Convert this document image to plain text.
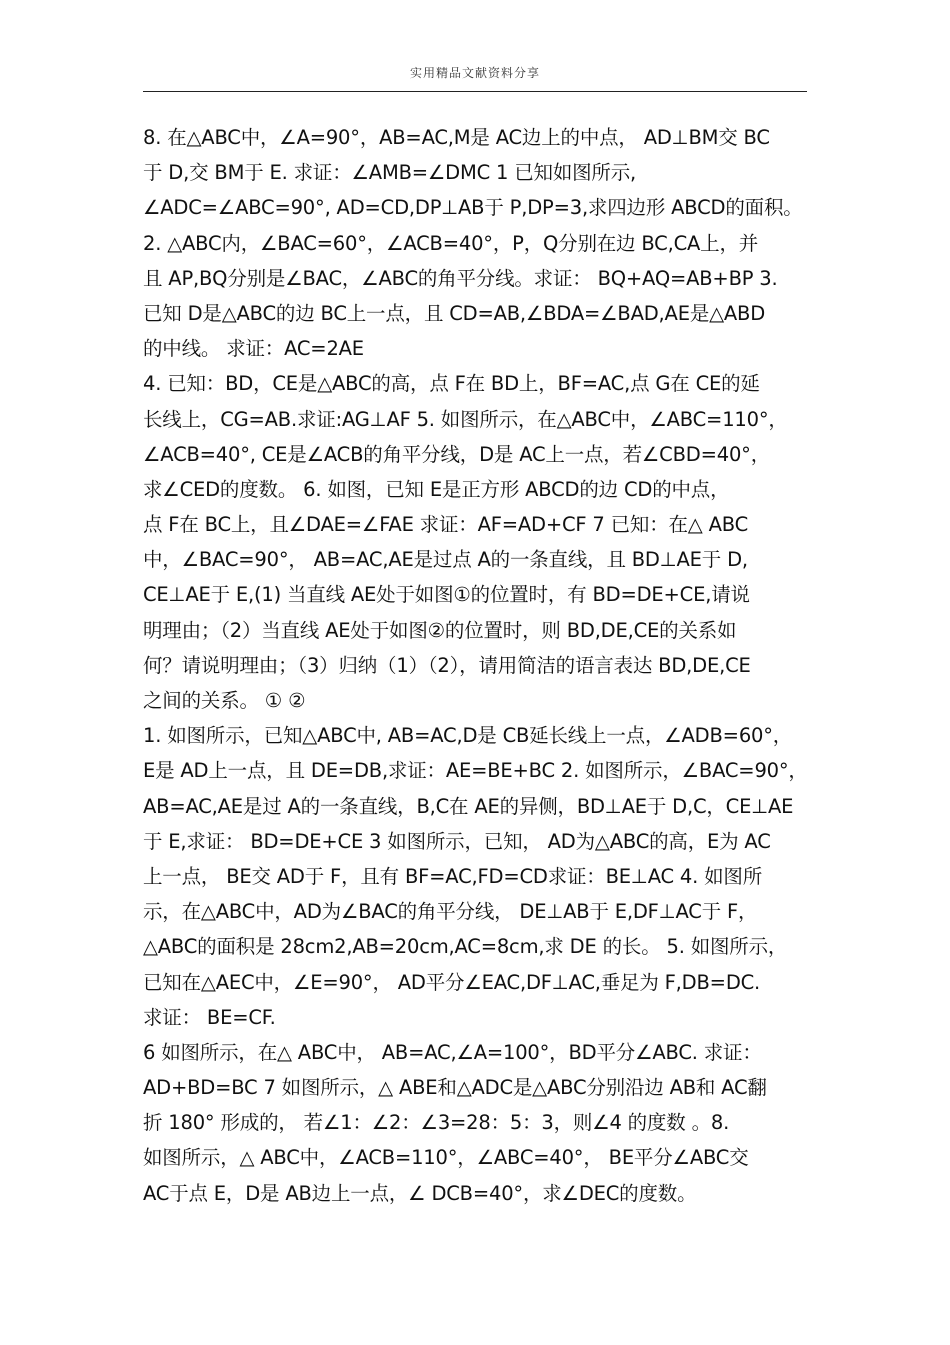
实用精品文献资料分享
8. 在△ABC中，∠A=90°，AB=AC,M是 AC边上的中点， AD⊥BM交 BC
于 D,交 BM于 E. 求证：∠AMB=∠DMC 1 已知如图所示,
∠ADC=∠ABC=90°, AD=CD,DP⊥AB于 P,DP=3,求四边形 ABCD的面积。
2. △ABC内，∠BAC=60°，∠ACB=40°，P，Q分别在边 BC,CA上，并
且 AP,BQ分别是∠BAC，∠ABC的角平分线。求证： BQ+AQ=AB+BP 3.
已知 D是△ABC的边 BC上一点，且 CD=AB,∠BDA=∠BAD,AE是△ABD
的中线。 求证：AC=2AE
4. 已知：BD，CE是△ABC的高，点 F在 BD上，BF=AC,点 G在 CE的延
长线上，CG=AB.求证:AG⊥AF 5. 如图所示，在△ABC中，∠ABC=110°，
∠ACB=40°, CE是∠ACB的角平分线，D是 AC上一点，若∠CBD=40°，
求∠CED的度数。 6. 如图，已知 E是正方形 ABCD的边 CD的中点，
点 F在 BC上，且∠DAE=∠FAE 求证：AF=AD+CF 7 已知：在△ ABC
中，∠BAC=90°， AB=AC,AE是过点 A的一条直线，且 BD⊥AE于 D,
CE⊥AE于 E,(1) 当直线 AE处于如图①的位置时，有 BD=DE+CE,请说
明理由；（2）当直线 AE处于如图②的位置时，则 BD,DE,CE的关系如
何？请说明理由；（3）归纳（1）（2），请用简洁的语言表达 BD,DE,CE
之间的关系。 ① ②
1. 如图所示，已知△ABC中, AB=AC,D是 CB延长线上一点，∠ADB=60°，
E是 AD上一点，且 DE=DB,求证：AE=BE+BC 2. 如图所示，∠BAC=90°，
AB=AC,AE是过 A的一条直线，B,C在 AE的异侧，BD⊥AE于 D,C，CE⊥AE
于 E,求证： BD=DE+CE 3 如图所示，已知， AD为△ABC的高，E为 AC
上一点， BE交 AD于 F，且有 BF=AC,FD=CD求证：BE⊥AC 4. 如图所
示，在△ABC中，AD为∠BAC的角平分线， DE⊥AB于 E,DF⊥AC于 F，
△ABC的面积是 28cm2,AB=20cm,AC=8cm,求 DE 的长。 5. 如图所示，
已知在△AEC中，∠E=90°， AD平分∠EAC,DF⊥AC,垂足为 F,DB=DC.
求证： BE=CF.
6 如图所示，在△ ABC中， AB=AC,∠A=100°，BD平分∠ABC. 求证：
AD+BD=BC 7 如图所示，△ ABE和△ADC是△ABC分别沿边 AB和 AC翻
折 180° 形成的， 若∠1：∠2：∠3=28：5：3，则∠4 的度数 。8.
如图所示，△ ABC中，∠ACB=110°，∠ABC=40°， BE平分∠ABC交
AC于点 E，D是 AB边上一点，∠ DCB=40°，求∠DEC的度数。
